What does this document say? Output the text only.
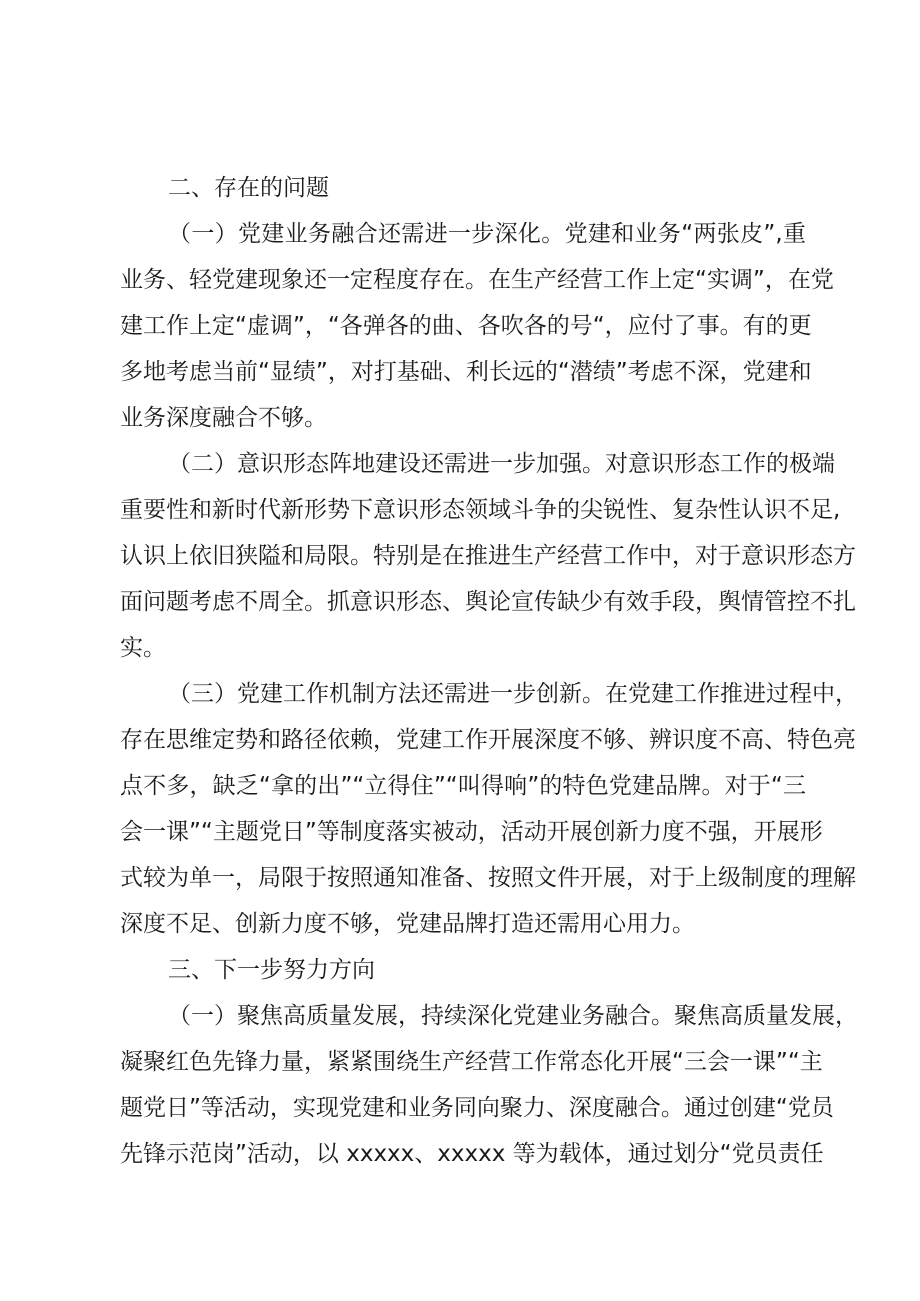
二、存在的问题
（一）党建业务融合还需进一步深化。党建和业务“两张皮”,重
业务、轻党建现象还一定程度存在。在生产经营工作上定“实调”，在党
建工作上定“虚调”，“各弹各的曲、各吹各的号“，应付了事。有的更
多地考虑当前“显绩”，对打基础、利长远的“潜绩”考虑不深，党建和
业务深度融合不够。
（二）意识形态阵地建设还需进一步加强。对意识形态工作的极端
重要性和新时代新形势下意识形态领域斗争的尖锐性、复杂性认识不足,
认识上依旧狭隘和局限。特别是在推进生产经营工作中，对于意识形态方
面问题考虑不周全。抓意识形态、舆论宣传缺少有效手段，舆情管控不扎
实。
（三）党建工作机制方法还需进一步创新。在党建工作推进过程中，
存在思维定势和路径依赖，党建工作开展深度不够、辨识度不高、特色亮
点不多，缺乏“拿的出”“立得住”“叫得响”的特色党建品牌。对于“三
会一课”“主题党日”等制度落实被动，活动开展创新力度不强，开展形
式较为单一，局限于按照通知准备、按照文件开展，对于上级制度的理解
深度不足、创新力度不够，党建品牌打造还需用心用力。
三、下一步努力方向
（一）聚焦高质量发展，持续深化党建业务融合。聚焦高质量发展，
凝聚红色先锋力量，紧紧围绕生产经营工作常态化开展“三会一课”“主
题党日”等活动，实现党建和业务同向聚力、深度融合。通过创建“党员
先锋示范岗”活动，以 xxxxx、xxxxx 等为载体，通过划分“党员责任
